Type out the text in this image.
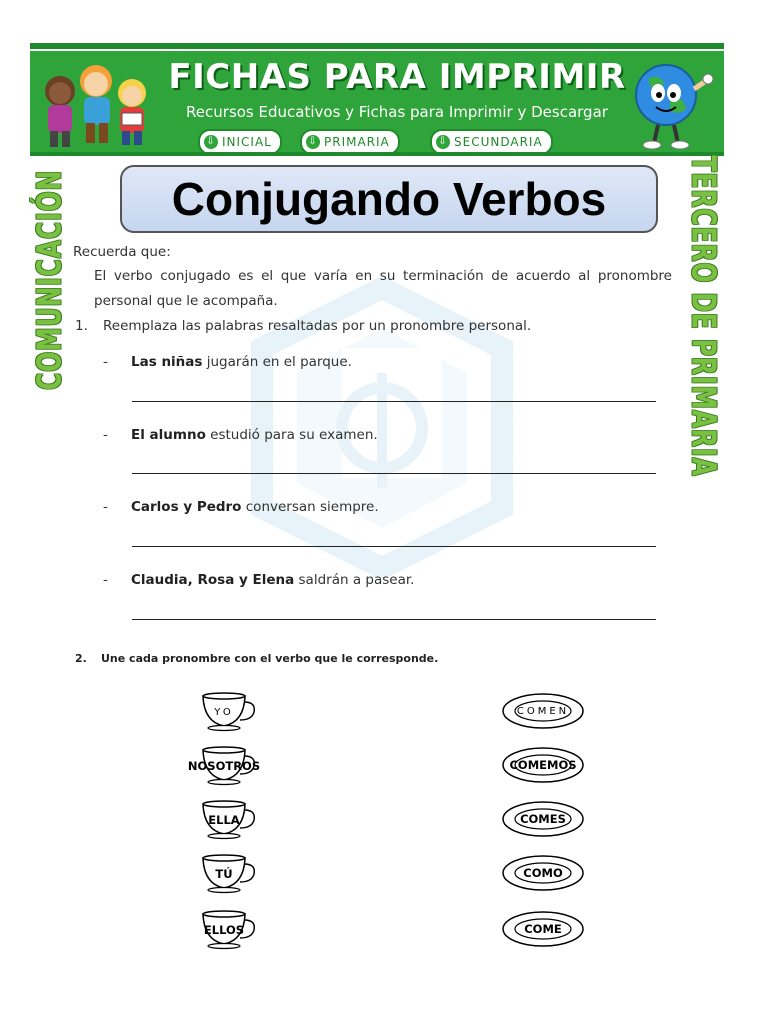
FICHAS PARA IMPRIMIR
Recursos Educativos y Fichas para Imprimir y Descargar
⇩ INICIAL	⇩ PRIMARIA	⇩ SECUNDARIA
COMUNICACIÓN	TERCERO DE PRIMARIA
Conjugando Verbos
Recuerda que:
El verbo conjugado es el que varía en su terminación de acuerdo al pronombre
personal que le acompaña.
1. Reemplaza las palabras resaltadas por un pronombre personal.
- Las niñas jugarán en el parque.
- El alumno estudió para su examen.
- Carlos y Pedro conversan siempre.
- Claudia, Rosa y Elena saldrán a pasear.
2. Une cada pronombre con el verbo que le corresponde.
YO
NOSOTROS
ELLA
TÚ
ELLOS
COMEN
COMEMOS
COMES
COMO
COME
